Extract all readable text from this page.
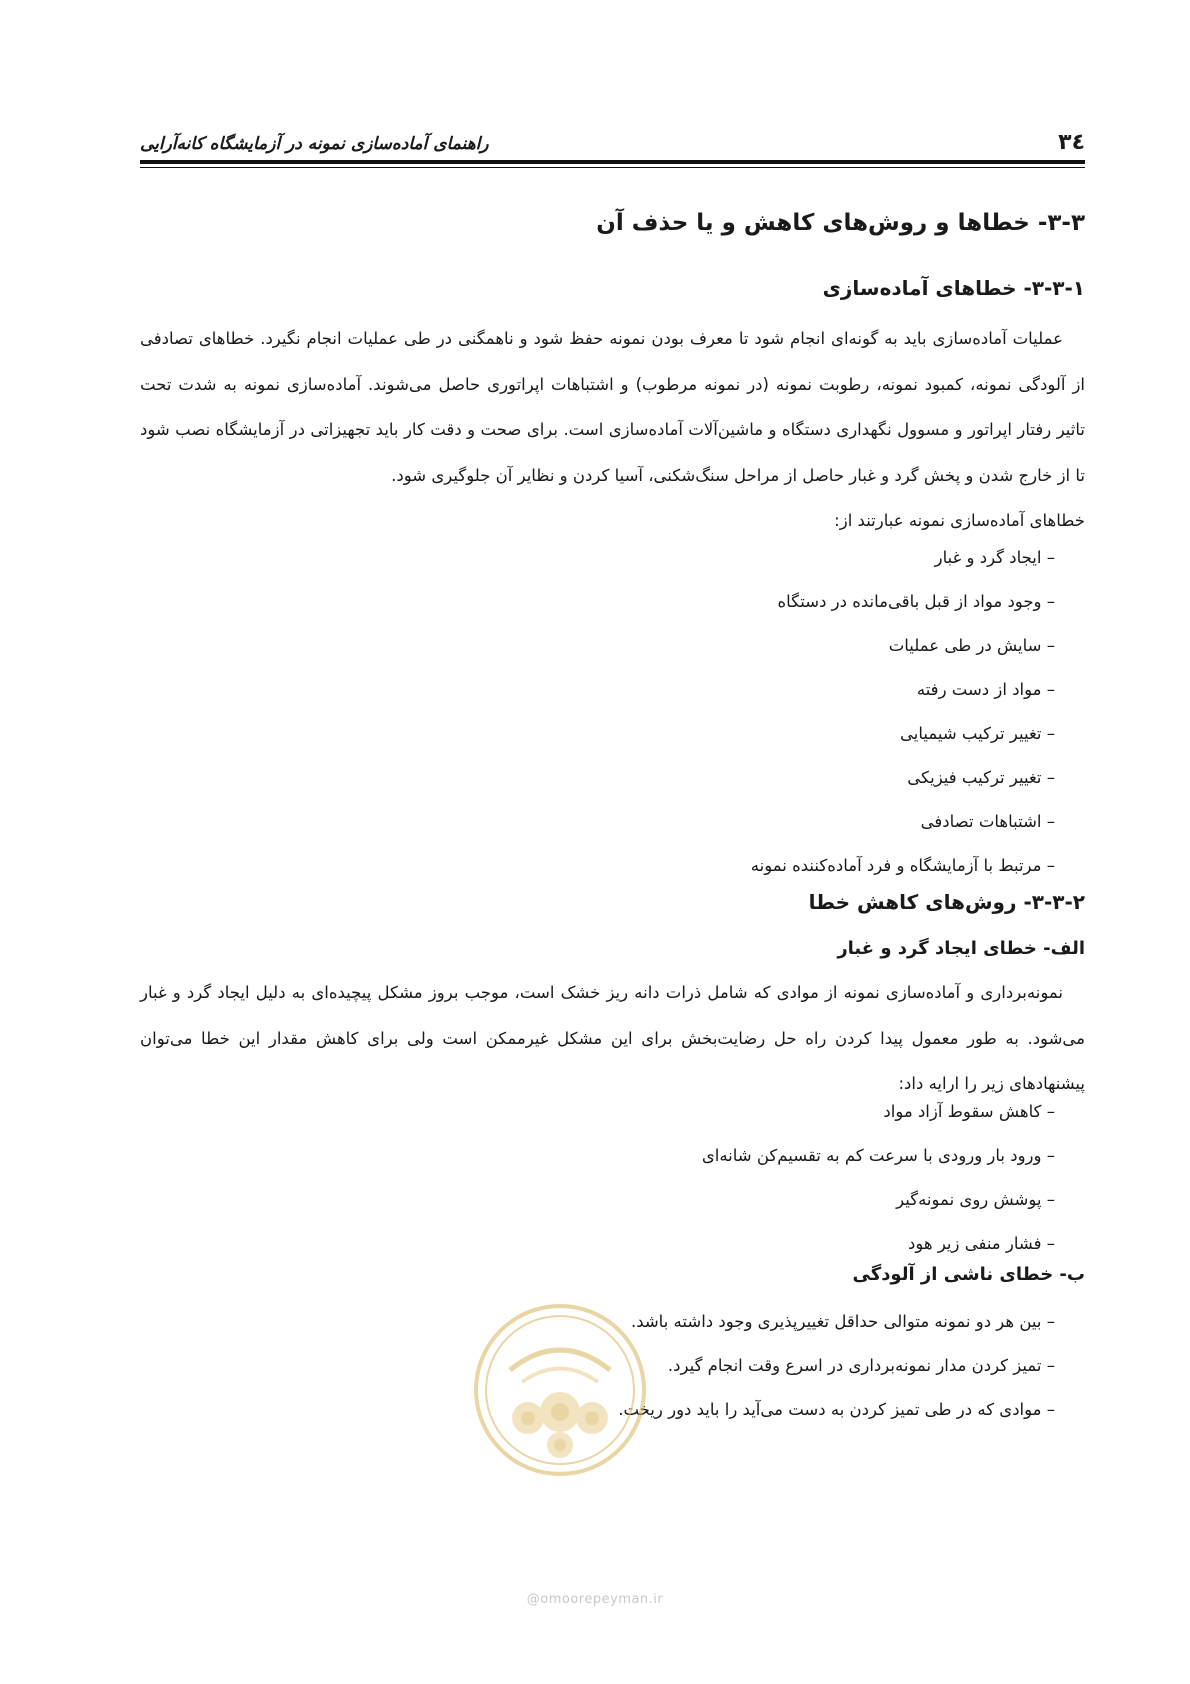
۳٤
راهنمای آماده‌سازی نمونه در آزمایشگاه کانه‌آرایی
۳-۳- خطاها و روش‌های کاهش و یا حذف آن
۳-۳-۱- خطاهای آماده‌سازی

عملیات آماده‌سازی باید به گونه‌ای انجام شود تا معرف بودن نمونه حفظ شود و ناهمگنی در طی عملیات انجام نگیرد. خطاهای تصادفی از آلودگی نمونه، کمبود نمونه، رطوبت نمونه (در نمونه مرطوب) و اشتباهات اپراتوری حاصل می‌شوند. آماده‌سازی نمونه به شدت تحت تاثیر رفتار اپراتور و مسوول نگهداری دستگاه و ماشین‌آلات آماده‌سازی است. برای صحت و دقت کار باید تجهیزاتی در آزمایشگاه نصب شود تا از خارج شدن و پخش گرد و غبار حاصل از مراحل سنگ‌شکنی، آسیا کردن و نظایر آن جلوگیری شود.

خطاهای آماده‌سازی نمونه عبارتند از:

– ایجاد گرد و غبار
– وجود مواد از قبل باقی‌مانده در دستگاه
– سایش در طی عملیات
– مواد از دست رفته
– تغییر ترکیب شیمیایی
– تغییر ترکیب فیزیکی
– اشتباهات تصادفی
– مرتبط با آزمایشگاه و فرد آماده‌کننده نمونه
۳-۳-۲- روش‌های کاهش خطا
الف- خطای ایجاد گرد و غبار

نمونه‌برداری و آماده‌سازی نمونه از موادی که شامل ذرات دانه ریز خشک است، موجب بروز مشکل پیچیده‌ای به دلیل ایجاد گرد و غبار می‌شود. به طور معمول پیدا کردن راه حل رضایت‌بخش برای این مشکل غیرممکن است ولی برای کاهش مقدار این خطا می‌توان پیشنهادهای زیر را ارایه داد:

– کاهش سقوط آزاد مواد
– ورود بار ورودی با سرعت کم به تقسیم‌کن شانه‌ای
– پوشش روی نمونه‌گیر
– فشار منفی زیر هود
ب- خطای ناشی از آلودگی
– بین هر دو نمونه متوالی حداقل تغییرپذیری وجود داشته باشد.
– تمیز کردن مدار نمونه‌برداری در اسرع وقت انجام گیرد.
– موادی که در طی تمیز کردن به دست می‌آید را باید دور ریخت.
@omoorepeyman.ir
